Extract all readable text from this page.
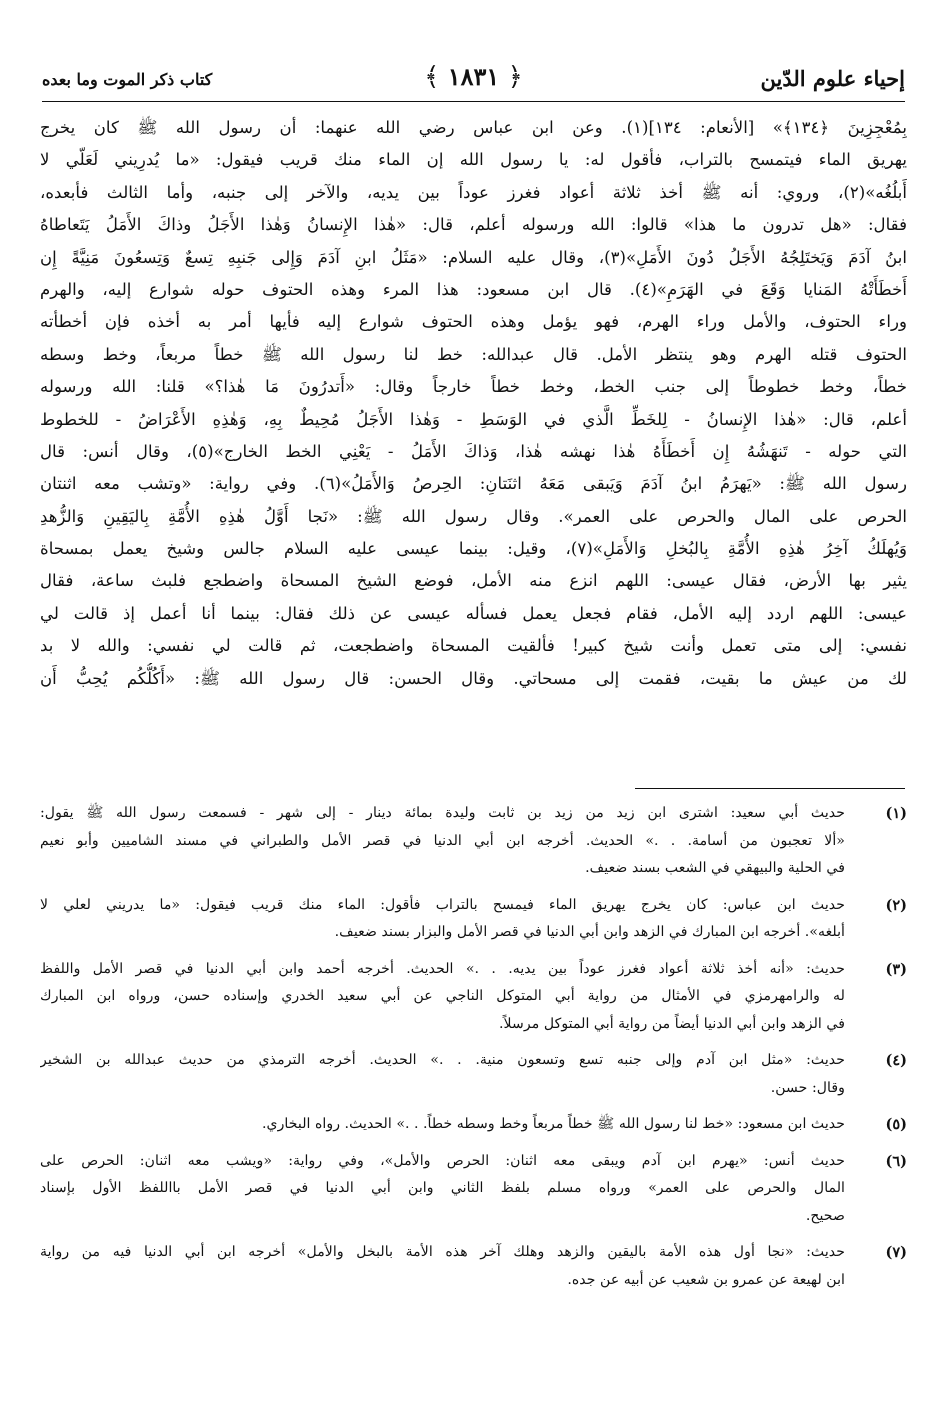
إحياء علوم الدّين
﴿ ١٨٣١ ﴾
كتاب ذكر الموت وما بعده
بِمُعْجِزِينَ ﴿١٣٤﴾» [الأنعام: ١٣٤](١). وعن ابن عباس رضي الله عنهما: أن رسول الله ﷺ كان يخرج
يهريق الماء فيتمسح بالتراب، فأقول له: يا رسول الله إن الماء منك قريب فيقول: «ما يُدرِيني لَعَلّي لا
أَبلُغُه»(٢)، وروي: أنه ﷺ أخذ ثلاثة أعواد فغرز عوداً بين يديه، والآخر إلى جنبه، وأما الثالث فأبعده،
فقال: «هل تدرون ما هذا» قالوا: الله ورسوله أعلم، قال: «هٰذا الإِنسانُ وَهٰذا الأَجَلُ وذاكَ الأَمَلُ يَتَعاطاهُ
ابنُ آدَمَ وَيَختَلِجُهُ الأَجَلُ دُونَ الأَمَلِ»(٣)، وقال عليه السلام: «مَثَلُ ابنِ آدَمَ وَإِلى جَنبِهِ تِسعٌ وَتِسعُونَ مَنِيَّةً إِن
أَخطَأَتْهُ المَنايا وَقَعَ في الهَرَمِ»(٤). قال ابن مسعود: هذا المرء وهذه الحتوف حوله شوارع إليه، والهرم
وراء الحتوف، والأمل وراء الهرم، فهو يؤمل وهذه الحتوف شوارع إليه فأيها أمر به أخذه فإن أخطأته
الحتوف قتله الهرم وهو ينتظر الأمل. قال عبدالله: خط لنا رسول الله ﷺ خطاً مربعاً، وخط وسطه
خطاً، وخط خطوطاً إلى جنب الخط، وخط خطاً خارجاً وقال: «أَتدرُونَ مَا هٰذا؟» قلنا: الله ورسوله
أعلم، قال: «هٰذا الإِنسانُ - لِلخَطِّ الَّذي في الوَسَطِ - وَهٰذا الأَجَلُ مُحِيطٌ بِهِ، وَهٰذِهِ الأَعْرَاضُ - للخطوط
التي حوله - تَنهَشُهُ إِن أَخطَأَهُ هٰذا نهشه هٰذا، وَذاكَ الأَمَلُ - يَعْنِي الخط الخارج»(٥)، وقال أنس: قال
رسول الله ﷺ: «يَهرَمُ ابنُ آدَمَ وَيَبقى مَعَهُ اثنَتانِ: الحِرصُ وَالأَمَلُ»(٦). وفي رواية: «وتشب معه اثنتان
الحرص على المال والحرص على العمر». وقال رسول الله ﷺ: «نَجا أَوَّلُ هٰذِهِ الأُمَّةِ بِاليَقِينِ وَالزُّهدِ
وَيُهلَكُ آخِرُ هٰذِهِ الأُمَّةِ بِالبُخلِ وَالأَمَلِ»(٧)، وقيل: بينما عيسى عليه السلام جالس وشيخ يعمل بمسحاة
يثير بها الأرض، فقال عيسى: اللهم انزع منه الأمل، فوضع الشيخ المسحاة واضطجع فلبث ساعة، فقال
عيسى: اللهم اردد إليه الأمل، فقام فجعل يعمل فسأله عيسى عن ذلك فقال: بينما أنا أعمل إذ قالت لي
نفسي: إلى متى تعمل وأنت شيخ كبير! فألقيت المسحاة واضطجعت، ثم قالت لي نفسي: والله لا بد
لك من عيش ما بقيت، فقمت إلى مسحاتي. وقال الحسن: قال رسول الله ﷺ: «أَكُلُّكُم يُحِبُّ أَن
(١)
حديث أبي سعيد: اشترى ابن زيد من زيد بن ثابت وليدة بمائة دينار - إلى شهر - فسمعت رسول الله ﷺ يقول:
«ألا تعجبون من أسامة. . .» الحديث. أخرجه ابن أبي الدنيا في قصر الأمل والطبراني في مسند الشاميين وأبو نعيم
في الحلية والبيهقي في الشعب بسند ضعيف.
(٢)
حديث ابن عباس: كان يخرج يهريق الماء فيمسح بالتراب فأقول: الماء منك قريب فيقول: «ما يدريني لعلي لا
أبلغه». أخرجه ابن المبارك في الزهد وابن أبي الدنيا في قصر الأمل والبزار بسند ضعيف.
(٣)
حديث: «أنه أخذ ثلاثة أعواد فغرز عوداً بين يديه. . .» الحديث. أخرجه أحمد وابن أبي الدنيا في قصر الأمل واللفظ
له والرامهرمزي في الأمثال من رواية أبي المتوكل الناجي عن أبي سعيد الخدري وإسناده حسن، ورواه ابن المبارك
في الزهد وابن أبي الدنيا أيضاً من رواية أبي المتوكل مرسلاً.
(٤)
حديث: «مثل ابن آدم وإلى جنبه تسع وتسعون منية. . .» الحديث. أخرجه الترمذي من حديث عبدالله بن الشخير
وقال: حسن.
(٥)
حديث ابن مسعود: «خط لنا رسول الله ﷺ خطاً مربعاً وخط وسطه خطاً. . .» الحديث. رواه البخاري.
(٦)
حديث أنس: «يهرم ابن آدم ويبقى معه اثنان: الحرص والأمل»، وفي رواية: «ويشب معه اثنان: الحرص على
المال والحرص على العمر» ورواه مسلم بلفظ الثاني وابن أبي الدنيا في قصر الأمل بااللفظ الأول بإسناد
صحيح.
(٧)
حديث: «نجا أول هذه الأمة باليقين والزهد وهلك آخر هذه الأمة بالبخل والأمل» أخرجه ابن أبي الدنيا فيه من رواية
ابن لهيعة عن عمرو بن شعيب عن أبيه عن جده.
